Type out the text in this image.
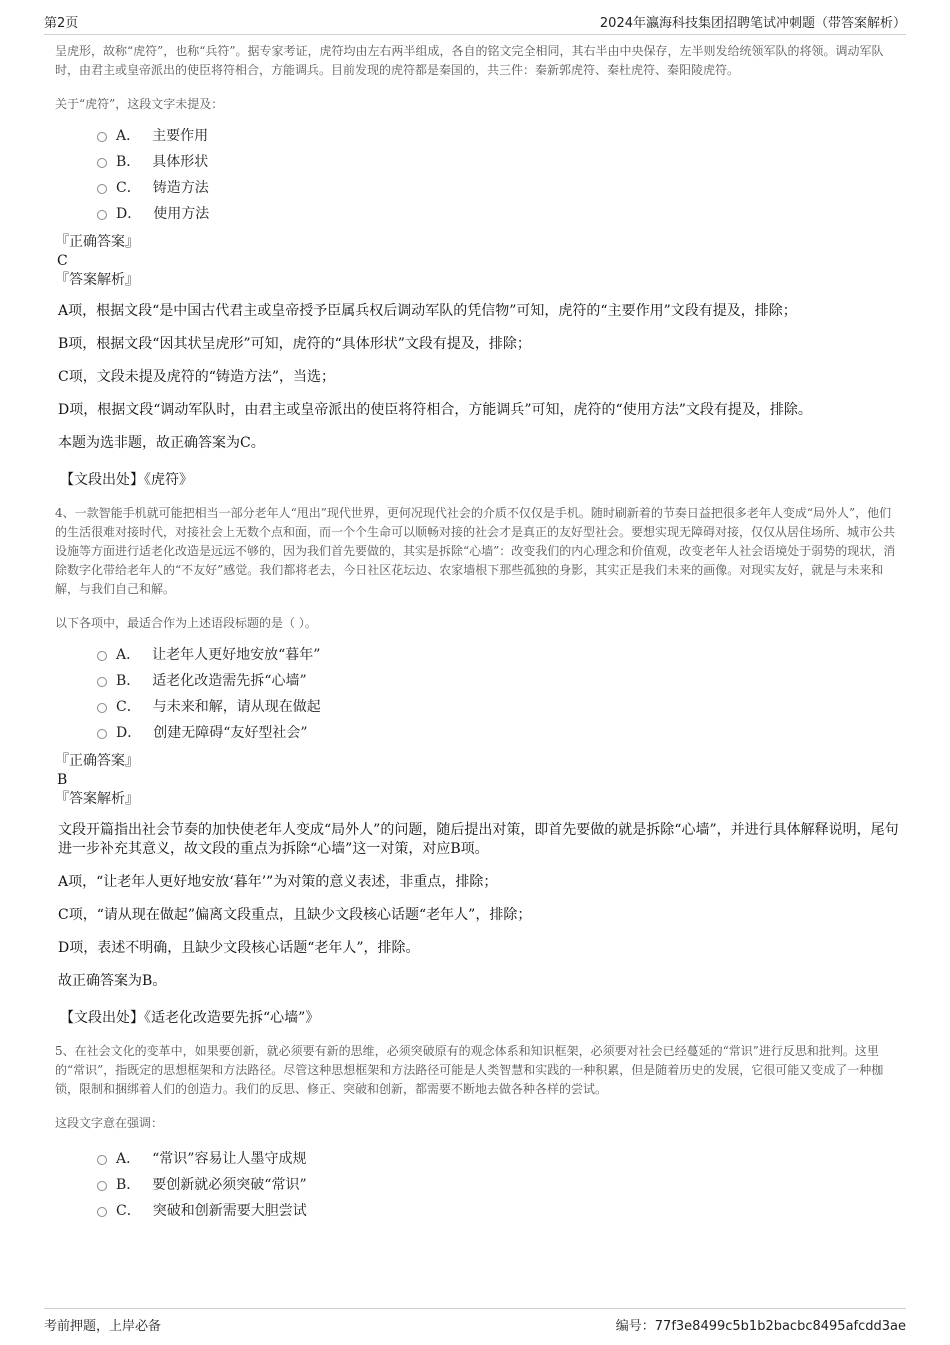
第2页	2024年瀛海科技集团招聘笔试冲刺题（带答案解析）

呈虎形，故称“虎符”，也称“兵符”。据专家考证，虎符均由左右两半组成，各自的铭文完全相同，其右半由中央保存，左半则发给统领军队的将领。调动军队时，由君主或皇帝派出的使臣将符相合，方能调兵。目前发现的虎符都是秦国的，共三件：秦新郭虎符、秦杜虎符、秦阳陵虎符。

关于“虎符”，这段文字未提及：

A． 主要作用
B． 具体形状
C． 铸造方法
D． 使用方法
『正确答案』
C
『答案解析』

A项，根据文段“是中国古代君主或皇帝授予臣属兵权后调动军队的凭信物”可知，虎符的“主要作用”文段有提及，排除；

B项，根据文段“因其状呈虎形”可知，虎符的“具体形状”文段有提及，排除；

C项，文段未提及虎符的“铸造方法”，当选；

D项，根据文段“调动军队时，由君主或皇帝派出的使臣将符相合，方能调兵”可知，虎符的“使用方法”文段有提及，排除。

本题为选非题，故正确答案为C。

【文段出处】《虎符》

4、一款智能手机就可能把相当一部分老年人“甩出”现代世界，更何况现代社会的介质不仅仅是手机。随时刷新着的节奏日益把很多老年人变成“局外人”，他们的生活很难对接时代，对接社会上无数个点和面，而一个个生命可以顺畅对接的社会才是真正的友好型社会。要想实现无障碍对接，仅仅从居住场所、城市公共设施等方面进行适老化改造是远远不够的，因为我们首先要做的，其实是拆除“心墙”：改变我们的内心理念和价值观，改变老年人社会语境处于弱势的现状，消除数字化带给老年人的“不友好”感觉。我们都将老去，今日社区花坛边、农家墙根下那些孤独的身影，其实正是我们未来的画像。对现实友好，就是与未来和解，与我们自己和解。

以下各项中，最适合作为上述语段标题的是（ ）。

A． 让老年人更好地安放“暮年”
B． 适老化改造需先拆“心墙”
C． 与未来和解，请从现在做起
D． 创建无障碍“友好型社会”
『正确答案』
B
『答案解析』

文段开篇指出社会节奏的加快使老年人变成“局外人”的问题，随后提出对策，即首先要做的就是拆除“心墙”，并进行具体解释说明，尾句进一步补充其意义，故文段的重点为拆除“心墙”这一对策，对应B项。

A项，“让老年人更好地安放‘暮年’”为对策的意义表述，非重点，排除；

C项，“请从现在做起”偏离文段重点，且缺少文段核心话题“老年人”，排除；

D项，表述不明确，且缺少文段核心话题“老年人”，排除。

故正确答案为B。

【文段出处】《适老化改造要先拆“心墙”》

5、在社会文化的变革中，如果要创新，就必须要有新的思维，必须突破原有的观念体系和知识框架，必须要对社会已经蔓延的“常识”进行反思和批判。这里的“常识”，指既定的思想框架和方法路径。尽管这种思想框架和方法路径可能是人类智慧和实践的一种积累，但是随着历史的发展，它很可能又变成了一种枷锁，限制和捆绑着人们的创造力。我们的反思、修正、突破和创新，都需要不断地去做各种各样的尝试。

这段文字意在强调：

A． “常识”容易让人墨守成规
B． 要创新就必须突破“常识”
C． 突破和创新需要大胆尝试
考前押题，上岸必备	编号：77f3e8499c5b1b2bacbc8495afcdd3ae
